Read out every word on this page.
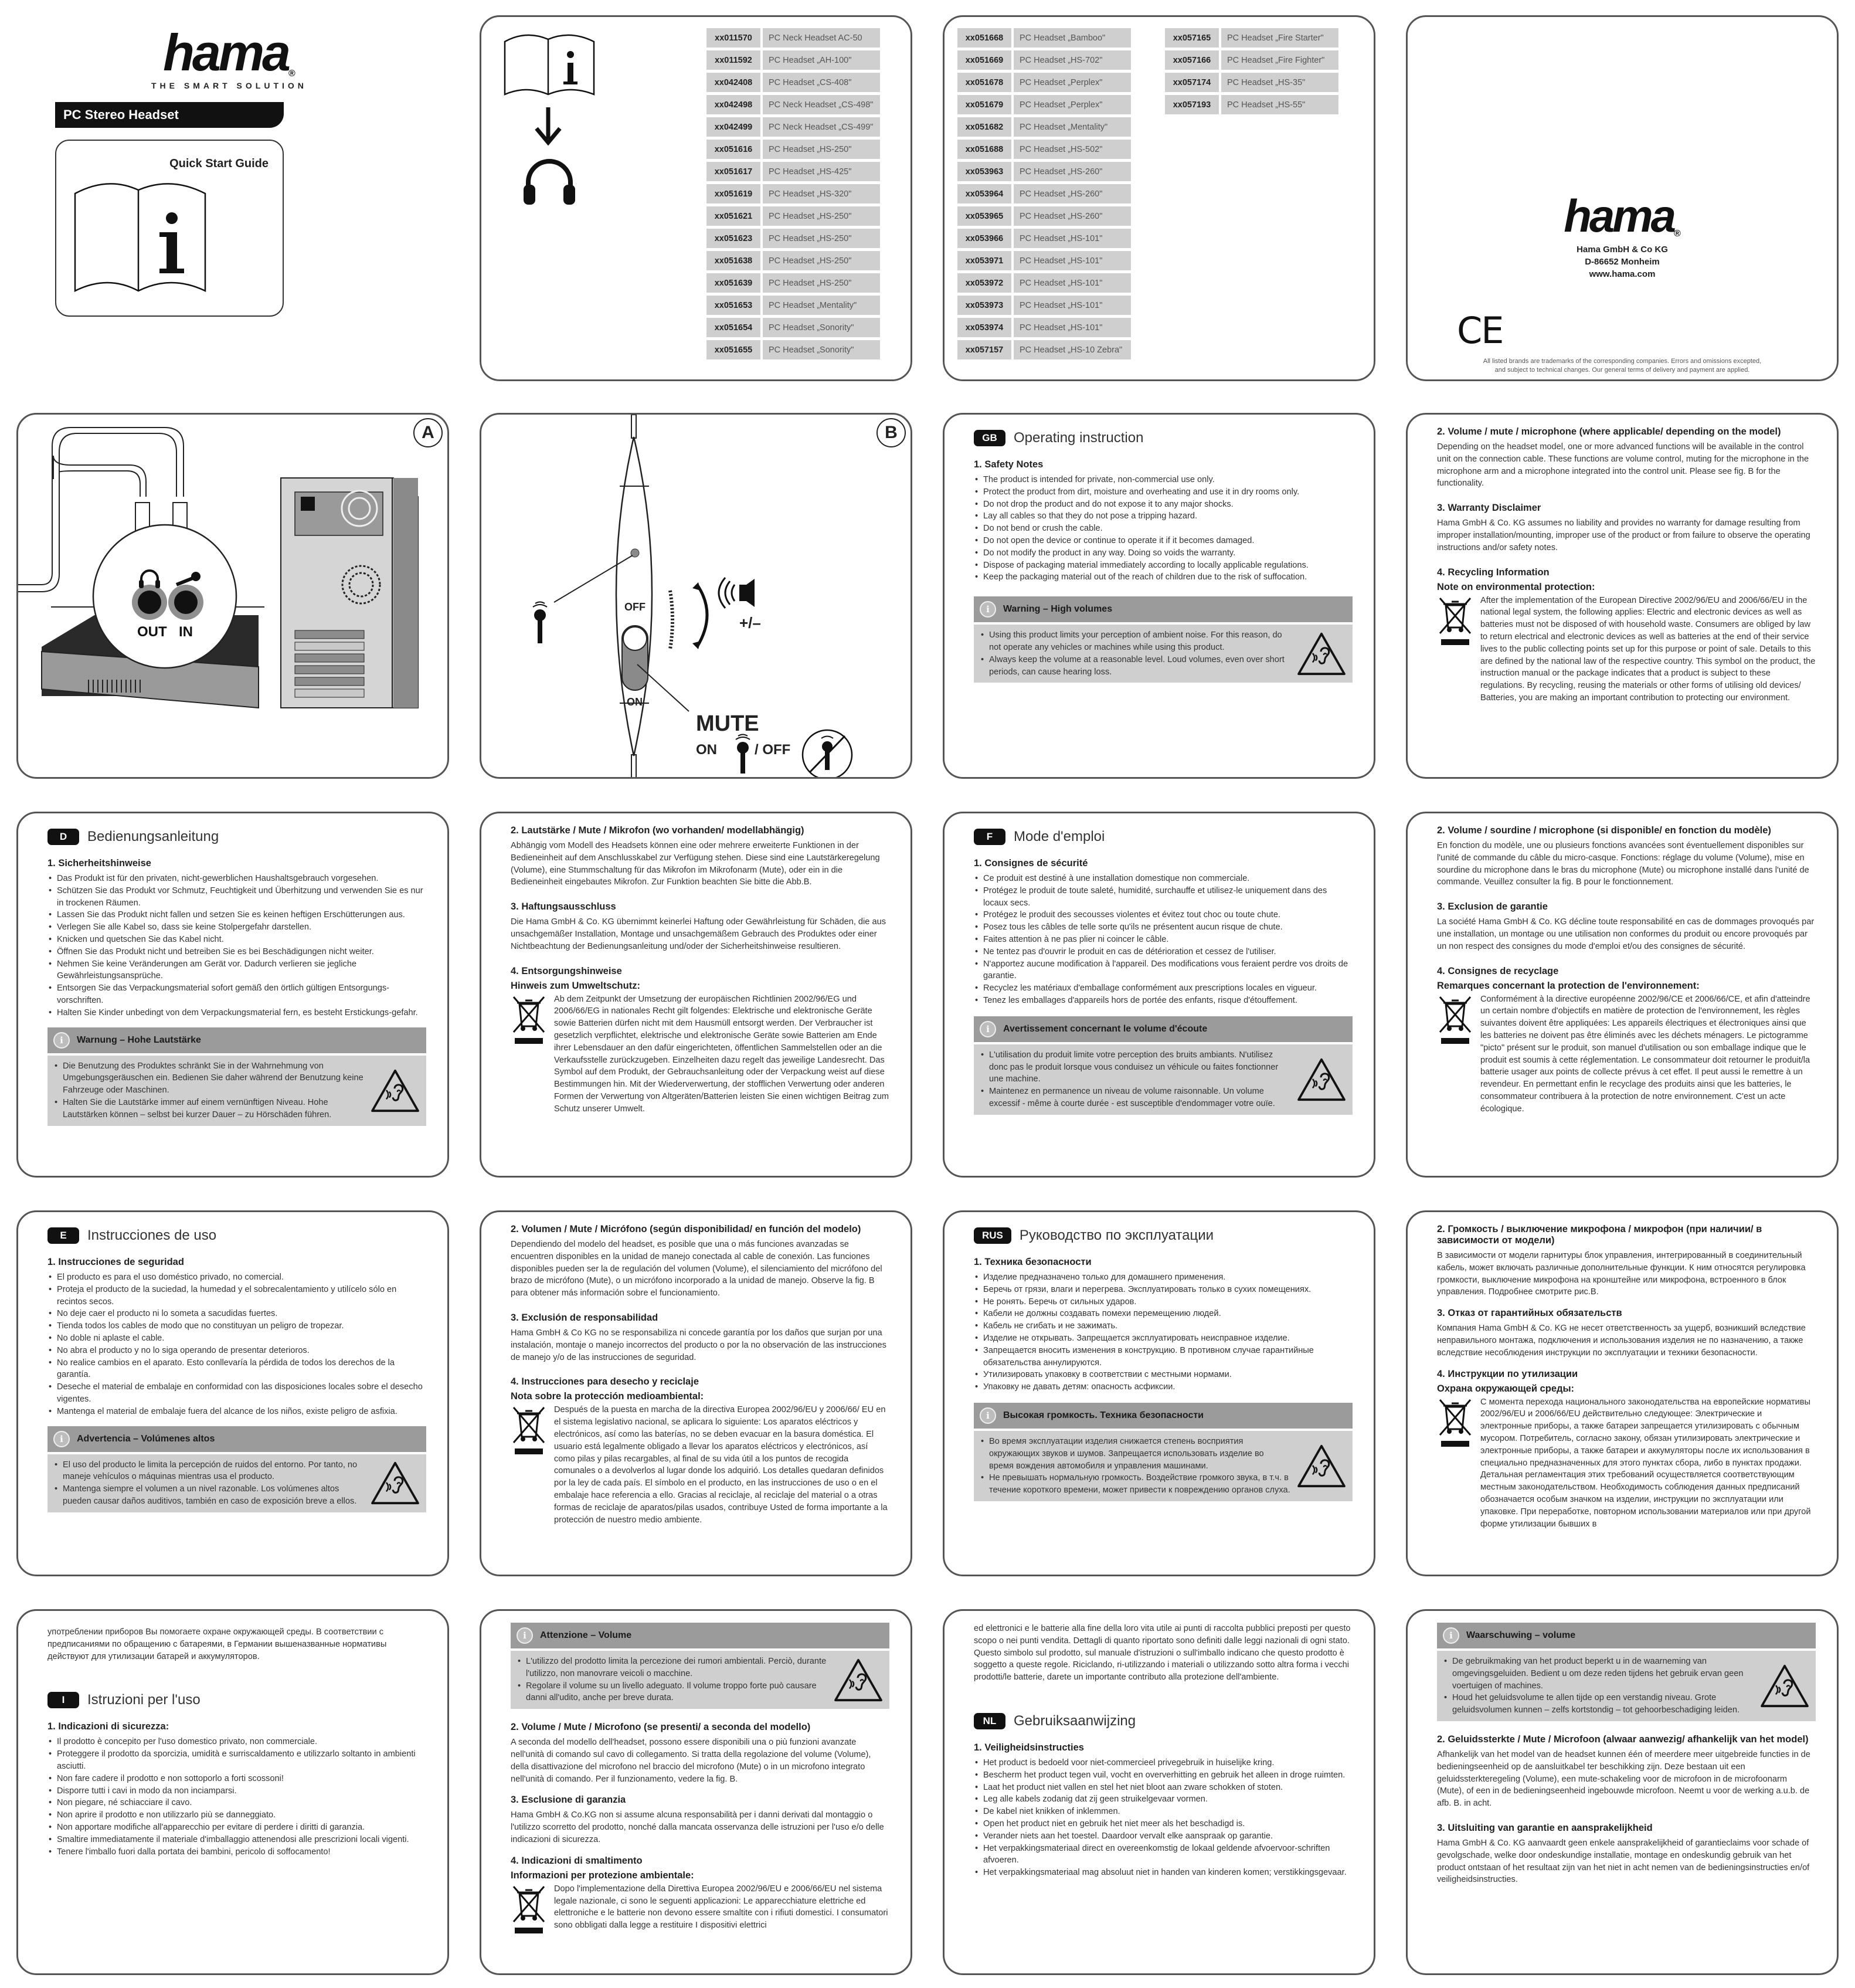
hama®
THE SMART SOLUTION
PC Stereo Headset
Quick Start Guide
xx011570	PC Neck Headset AC-50
xx011592	PC Headset „AH-100"
xx042408	PC Headset „CS-408"
xx042498	PC Neck Headset „CS-498"
xx042499	PC Neck Headset „CS-499"
xx051616	PC Headset „HS-250"
xx051617	PC Headset „HS-425"
xx051619	PC Headset „HS-320"
xx051621	PC Headset „HS-250"
xx051623	PC Headset „HS-250"
xx051638	PC Headset „HS-250"
xx051639	PC Headset „HS-250"
xx051653	PC Headset „Mentality"
xx051654	PC Headset „Sonority"
xx051655	PC Headset „Sonority"
xx051668	PC Headset „Bamboo"
xx051669	PC Headset „HS-702"
xx051678	PC Headset „Perplex"
xx051679	PC Headset „Perplex"
xx051682	PC Headset „Mentality"
xx051688	PC Headset „HS-502"
xx053963	PC Headset „HS-260"
xx053964	PC Headset „HS-260"
xx053965	PC Headset „HS-260"
xx053966	PC Headset „HS-101"
xx053971	PC Headset „HS-101"
xx053972	PC Headset „HS-101"
xx053973	PC Headset „HS-101"
xx053974	PC Headset „HS-101"
xx057157	PC Headset „HS-10 Zebra"
xx057165	PC Headset „Fire Starter"
xx057166	PC Headset „Fire Fighter"
xx057174	PC Headset „HS-35"
xx057193	PC Headset „HS-55"
hama®
Hama GmbH & Co KG
D-86652 Monheim
www.hama.com
CE
All listed brands are trademarks of the corresponding companies. Errors and omissions excepted,
and subject to technical changes. Our general terms of delivery and payment are applied.
A
OUT IN
B
OFF
ON
+/–
MUTE
ON	/ OFF
GB	Operating instruction
1. Safety Notes
• The product is intended for private, non-commercial use only.
• Protect the product from dirt, moisture and overheating and use it in dry rooms only.
• Do not drop the product and do not expose it to any major shocks.
• Lay all cables so that they do not pose a tripping hazard.
• Do not bend or crush the cable.
• Do not open the device or continue to operate it if it becomes damaged.
• Do not modify the product in any way. Doing so voids the warranty.
• Dispose of packaging material immediately according to locally applicable regulations.
• Keep the packaging material out of the reach of children due to the risk of suffocation.
i	Warning – High volumes
• Using this product limits your perception of ambient noise. For this reason, do not operate any vehicles or machines while using this product.
• Always keep the volume at a reasonable level. Loud volumes, even over short periods, can cause hearing loss.
2. Volume / mute / microphone (where applicable/ depending on the model)

Depending on the headset model, one or more advanced functions will be available in the control unit on the connection cable. These functions are volume control, muting for the microphone in the microphone arm and a microphone integrated into the control unit. Please see fig. B for the functionality.

3. Warranty Disclaimer

Hama GmbH & Co. KG assumes no liability and provides no warranty for damage resulting from improper installation/mounting, improper use of the product or from failure to observe the operating instructions and/or safety notes.

4. Recycling Information
Note on environmental protection:

After the implementation of the European Directive 2002/96/EU and 2006/66/EU in the national legal system, the following applies: Electric and electronic devices as well as batteries must not be disposed of with household waste. Consumers are obliged by law to return electrical and electronic devices as well as batteries at the end of their service lives to the public collecting points set up for this purpose or point of sale. Details to this are defined by the national law of the respective country. This symbol on the product, the instruction manual or the package indicates that a product is subject to these regulations. By recycling, reusing the materials or other forms of utilising old devices/ Batteries, you are making an important contribution to protecting our environment.

D	Bedienungsanleitung
1. Sicherheitshinweise
• Das Produkt ist für den privaten, nicht-gewerblichen Haushaltsgebrauch vorgesehen.
• Schützen Sie das Produkt vor Schmutz, Feuchtigkeit und Überhitzung und verwenden Sie es nur in trockenen Räumen.
• Lassen Sie das Produkt nicht fallen und setzen Sie es keinen heftigen Erschütterungen aus.
• Verlegen Sie alle Kabel so, dass sie keine Stolpergefahr darstellen.
• Knicken und quetschen Sie das Kabel nicht.
• Öffnen Sie das Produkt nicht und betreiben Sie es bei Beschädigungen nicht weiter.
• Nehmen Sie keine Veränderungen am Gerät vor. Dadurch verlieren sie jegliche Gewährleistungsansprüche.
• Entsorgen Sie das Verpackungsmaterial sofort gemäß den örtlich gültigen Entsorgungs-vorschriften.
• Halten Sie Kinder unbedingt von dem Verpackungsmaterial fern, es besteht Erstickungs-gefahr.
i	Warnung – Hohe Lautstärke
• Die Benutzung des Produktes schränkt Sie in der Wahrnehmung von Umgebungsgeräuschen ein. Bedienen Sie daher während der Benutzung keine Fahrzeuge oder Maschinen.
• Halten Sie die Lautstärke immer auf einem vernünftigen Niveau. Hohe Lautstärken können – selbst bei kurzer Dauer – zu Hörschäden führen.
2. Lautstärke / Mute / Mikrofon (wo vorhanden/ modellabhängig)

Abhängig vom Modell des Headsets können eine oder mehrere erweiterte Funktionen in der Bedieneinheit auf dem Anschlusskabel zur Verfügung stehen. Diese sind eine Lautstärkeregelung (Volume), eine Stummschaltung für das Mikrofon im Mikrofonarm (Mute), oder ein in die Bedieneinheit eingebautes Mikrofon. Zur Funktion beachten Sie bitte die Abb.B.

3. Haftungsausschluss

Die Hama GmbH & Co. KG übernimmt keinerlei Haftung oder Gewährleistung für Schäden, die aus unsachgemäßer Installation, Montage und unsachgemäßem Gebrauch des Produktes oder einer Nichtbeachtung der Bedienungsanleitung und/oder der Sicherheitshinweise resultieren.

4. Entsorgungshinweise
Hinweis zum Umweltschutz:

Ab dem Zeitpunkt der Umsetzung der europäischen Richtlinien 2002/96/EG und 2006/66/EG in nationales Recht gilt folgendes: Elektrische und elektronische Geräte sowie Batterien dürfen nicht mit dem Hausmüll entsorgt werden. Der Verbraucher ist gesetzlich verpflichtet, elektrische und elektronische Geräte sowie Batterien am Ende ihrer Lebensdauer an den dafür eingerichteten, öffentlichen Sammelstellen oder an die Verkaufsstelle zurückzugeben. Einzelheiten dazu regelt das jeweilige Landesrecht. Das Symbol auf dem Produkt, der Gebrauchsanleitung oder der Verpackung weist auf diese Bestimmungen hin. Mit der Wiederverwertung, der stofflichen Verwertung oder anderen Formen der Verwertung von Altgeräten/Batterien leisten Sie einen wichtigen Beitrag zum Schutz unserer Umwelt.

F	Mode d'emploi
1. Consignes de sécurité
• Ce produit est destiné à une installation domestique non commerciale.
• Protégez le produit de toute saleté, humidité, surchauffe et utilisez-le uniquement dans des locaux secs.
• Protégez le produit des secousses violentes et évitez tout choc ou toute chute.
• Posez tous les câbles de telle sorte qu'ils ne présentent aucun risque de chute.
• Faites attention à ne pas plier ni coincer le câble.
• Ne tentez pas d'ouvrir le produit en cas de détérioration et cessez de l'utiliser.
• N'apportez aucune modification à l'appareil. Des modifications vous feraient perdre vos droits de garantie.
• Recyclez les matériaux d'emballage conformément aux prescriptions locales en vigueur.
• Tenez les emballages d'appareils hors de portée des enfants, risque d'étouffement.
i	Avertissement concernant le volume d'écoute
• L'utilisation du produit limite votre perception des bruits ambiants. N'utilisez donc pas le produit lorsque vous conduisez un véhicule ou faites fonctionner une machine.
• Maintenez en permanence un niveau de volume raisonnable. Un volume excessif - même à courte durée - est susceptible d'endommager votre ouïe.
2. Volume / sourdine / microphone (si disponible/ en fonction du modèle)

En fonction du modèle, une ou plusieurs fonctions avancées sont éventuellement disponibles sur l'unité de commande du câble du micro-casque. Fonctions: réglage du volume (Volume), mise en sourdine du microphone dans le bras du microphone (Mute) ou microphone installé dans l'unité de commande. Veuillez consulter la fig. B pour le fonctionnement.

3. Exclusion de garantie

La société Hama GmbH & Co. KG décline toute responsabilité en cas de dommages provoqués par une installation, un montage ou une utilisation non conformes du produit ou encore provoqués par un non respect des consignes du mode d'emploi et/ou des consignes de sécurité.

4. Consignes de recyclage
Remarques concernant la protection de l'environnement:

Conformément à la directive européenne 2002/96/CE et 2006/66/CE, et afin d'atteindre un certain nombre d'objectifs en matière de protection de l'environnement, les règles suivantes doivent être appliquées: Les appareils électriques et électroniques ainsi que les batteries ne doivent pas être éliminés avec les déchets ménagers. Le pictogramme "picto" présent sur le produit, son manuel d'utilisation ou son emballage indique que le produit est soumis à cette réglementation. Le consommateur doit retourner le produit/la batterie usager aux points de collecte prévus à cet effet. Il peut aussi le remettre à un revendeur. En permettant enfin le recyclage des produits ainsi que les batteries, le consommateur contribuera à la protection de notre environnement. C'est un acte écologique.

E	Instrucciones de uso
1. Instrucciones de seguridad
• El producto es para el uso doméstico privado, no comercial.
• Proteja el producto de la suciedad, la humedad y el sobrecalentamiento y utilícelo sólo en recintos secos.
• No deje caer el producto ni lo someta a sacudidas fuertes.
• Tienda todos los cables de modo que no constituyan un peligro de tropezar.
• No doble ni aplaste el cable.
• No abra el producto y no lo siga operando de presentar deterioros.
• No realice cambios en el aparato. Esto conllevaría la pérdida de todos los derechos de la garantía.
• Deseche el material de embalaje en conformidad con las disposiciones locales sobre el desecho vigentes.
• Mantenga el material de embalaje fuera del alcance de los niños, existe peligro de asfixia.
i	Advertencia – Volúmenes altos
• El uso del producto le limita la percepción de ruidos del entorno. Por tanto, no maneje vehículos o máquinas mientras usa el producto.
• Mantenga siempre el volumen a un nivel razonable. Los volúmenes altos pueden causar daños auditivos, también en caso de exposición breve a ellos.
2. Volumen / Mute / Micrófono (según disponibilidad/ en función del modelo)

Dependiendo del modelo del headset, es posible que una o más funciones avanzadas se encuentren disponibles en la unidad de manejo conectada al cable de conexión. Las funciones disponibles pueden ser la de regulación del volumen (Volume), el silenciamiento del micrófono del brazo de micrófono (Mute), o un micrófono incorporado a la unidad de manejo. Observe la fig. B para obtener más información sobre el funcionamiento.

3. Exclusión de responsabilidad

Hama GmbH & Co KG no se responsabiliza ni concede garantía por los daños que surjan por una instalación, montaje o manejo incorrectos del producto o por la no observación de las instrucciones de manejo y/o de las instrucciones de seguridad.

4. Instrucciones para desecho y reciclaje
Nota sobre la protección medioambiental:

Después de la puesta en marcha de la directiva Europea 2002/96/EU y 2006/66/ EU en el sistema legislativo nacional, se aplicara lo siguiente: Los aparatos eléctricos y electrónicos, así como las baterías, no se deben evacuar en la basura doméstica. El usuario está legalmente obligado a llevar los aparatos eléctricos y electrónicos, así como pilas y pilas recargables, al final de su vida útil a los puntos de recogida comunales o a devolverlos al lugar donde los adquirió. Los detalles quedaran definidos por la ley de cada país. El símbolo en el producto, en las instrucciones de uso o en el embalaje hace referencia a ello. Gracias al reciclaje, al reciclaje del material o a otras formas de reciclaje de aparatos/pilas usados, contribuye Usted de forma importante a la protección de nuestro medio ambiente.

RUS	Руководство по эксплуатации
1. Техника безопасности
• Изделие предназначено только для домашнего применения.
• Беречь от грязи, влаги и перегрева. Эксплуатировать только в сухих помещениях.
• Не ронять. Беречь от сильных ударов.
• Кабели не должны создавать помехи перемещению людей.
• Кабель не сгибать и не зажимать.
• Изделие не открывать. Запрещается эксплуатировать неисправное изделие.
• Запрещается вносить изменения в конструкцию. В противном случае гарантийные обязательства аннулируются.
• Утилизировать упаковку в соответствии с местными нормами.
• Упаковку не давать детям: опасность асфиксии.
i	Высокая громкость. Техника безопасности
• Во время эксплуатации изделия снижается степень восприятия окружающих звуков и шумов. Запрещается использовать изделие во время вождения автомобиля и управления машинами.
• Не превышать нормальную громкость. Воздействие громкого звука, в т.ч. в течение короткого времени, может привести к повреждению органов слуха.
2. Громкость / выключение микрофона / микрофон (при наличии/ в зависимости от модели)

В зависимости от модели гарнитуры блок управления, интегрированный в соединительный кабель, может включать различные дополнительные функции. К ним относятся регулировка громкости, выключение микрофона на кронштейне или микрофона, встроенного в блок управления. Подробнее смотрите рис.B.

3. Отказ от гарантийных обязательств

Компания Hama GmbH & Co. KG не несет ответственность за ущерб, возникший вследствие неправильного монтажа, подключения и использования изделия не по назначению, а также вследствие несоблюдения инструкции по эксплуатации и техники безопасности.

4. Инструкции по утилизации
Охрана окружающей среды:

С момента перехода национального законодательства на европейские нормативы 2002/96/EU и 2006/66/EU действительно следующее: Электрические и электронные приборы, а также батареи запрещается утилизировать с обычным мусором. Потребитель, согласно закону, обязан утилизировать электрические и электронные приборы, а также батареи и аккумуляторы после их использования в специально предназначенных для этого пунктах сбора, либо в пунктах продажи. Детальная регламентация этих требований осуществляется соответствующим местным законодательством. Необходимость соблюдения данных предписаний обозначается особым значком на изделии, инструкции по эксплуатации или упаковке. При переработке, повторном использовании материалов или при другой форме утилизации бывших в

употреблении приборов Вы помогаете охране окружающей среды. В соответствии с предписаниями по обращению с батареями, в Германии вышеназванные нормативы действуют для утилизации батарей и аккумуляторов.

I	Istruzioni per l'uso
1. Indicazioni di sicurezza:
• Il prodotto è concepito per l'uso domestico privato, non commerciale.
• Proteggere il prodotto da sporcizia, umidità e surriscaldamento e utilizzarlo soltanto in ambienti asciutti.
• Non fare cadere il prodotto e non sottoporlo a forti scossoni!
• Disporre tutti i cavi in modo da non inciamparsi.
• Non piegare, né schiacciare il cavo.
• Non aprire il prodotto e non utilizzarlo più se danneggiato.
• Non apportare modifiche all'apparecchio per evitare di perdere i diritti di garanzia.
• Smaltire immediatamente il materiale d'imballaggio attenendosi alle prescrizioni locali vigenti.
• Tenere l'imballo fuori dalla portata dei bambini, pericolo di soffocamento!
i	Attenzione – Volume
• L'utilizzo del prodotto limita la percezione dei rumori ambientali. Perciò, durante l'utilizzo, non manovrare veicoli o macchine.
• Regolare il volume su un livello adeguato. Il volume troppo forte può causare danni all'udito, anche per breve durata.
2. Volume / Mute / Microfono (se presenti/ a seconda del modello)

A seconda del modello dell'headset, possono essere disponibili una o più funzioni avanzate nell'unità di comando sul cavo di collegamento. Si tratta della regolazione del volume (Volume), della disattivazione del microfono nel braccio del microfono (Mute) o in un microfono integrato nell'unità di comando. Per il funzionamento, vedere la fig. B.

3. Esclusione di garanzia

Hama GmbH & Co.KG non si assume alcuna responsabilità per i danni derivati dal montaggio o l'utilizzo scorretto del prodotto, nonché dalla mancata osservanza delle istruzioni per l'uso e/o delle indicazioni di sicurezza.

4. Indicazioni di smaltimento
Informazioni per protezione ambientale:

Dopo l'implementazione della Direttiva Europea 2002/96/EU e 2006/66/EU nel sistema legale nazionale, ci sono le seguenti applicazioni: Le apparecchiature elettriche ed elettroniche e le batterie non devono essere smaltite con i rifiuti domestici. I consumatori sono obbligati dalla legge a restituire I dispositivi elettrici

ed elettronici e le batterie alla fine della loro vita utile ai punti di raccolta pubblici preposti per questo scopo o nei punti vendita. Dettagli di quanto riportato sono definiti dalle leggi nazionali di ogni stato. Questo simbolo sul prodotto, sul manuale d'istruzioni o sull'imballo indicano che questo prodotto è soggetto a queste regole. Riciclando, ri-utilizzando i materiali o utilizzando sotto altra forma i vecchi prodotti/le batterie, darete un importante contributo alla protezione dell'ambiente.

NL	Gebruiksaanwijzing
1. Veiligheidsinstructies
• Het product is bedoeld voor niet-commercieel privegebruik in huiselijke kring.
• Bescherm het product tegen vuil, vocht en oververhitting en gebruik het alleen in droge ruimten.
• Laat het product niet vallen en stel het niet bloot aan zware schokken of stoten.
• Leg alle kabels zodanig dat zij geen struikelgevaar vormen.
• De kabel niet knikken of inklemmen.
• Open het product niet en gebruik het niet meer als het beschadigd is.
• Verander niets aan het toestel. Daardoor vervalt elke aanspraak op garantie.
• Het verpakkingsmateriaal direct en overeenkomstig de lokaal geldende afvoervoor-schriften afvoeren.
• Het verpakkingsmateriaal mag absoluut niet in handen van kinderen komen; verstikkingsgevaar.
i	Waarschuwing – volume
• De gebruikmaking van het product beperkt u in de waarneming van omgevingsgeluiden. Bedient u om deze reden tijdens het gebruik ervan geen voertuigen of machines.
• Houd het geluidsvolume te allen tijde op een verstandig niveau. Grote geluidsvolumen kunnen – zelfs kortstondig – tot gehoorbeschadiging leiden.
2. Geluidssterkte / Mute / Microfoon (alwaar aanwezig/ afhankelijk van het model)

Afhankelijk van het model van de headset kunnen één of meerdere meer uitgebreide functies in de bedieningseenheid op de aansluitkabel ter beschikking zijn. Deze bestaan uit een geluidssterkteregeling (Volume), een mute-schakeling voor de microfoon in de microfoonarm (Mute), of een in de bedieningseenheid ingebouwde microfoon. Neemt u voor de werking a.u.b. de afb. B. in acht.

3. Uitsluiting van garantie en aansprakelijkheid

Hama GmbH & Co. KG aanvaardt geen enkele aansprakelijkheid of garantieclaims voor schade of gevolgschade, welke door ondeskundige installatie, montage en ondeskundig gebruik van het product ontstaan of het resultaat zijn van het niet in acht nemen van de bedieningsinstructies en/of veiligheidsinstructies.
